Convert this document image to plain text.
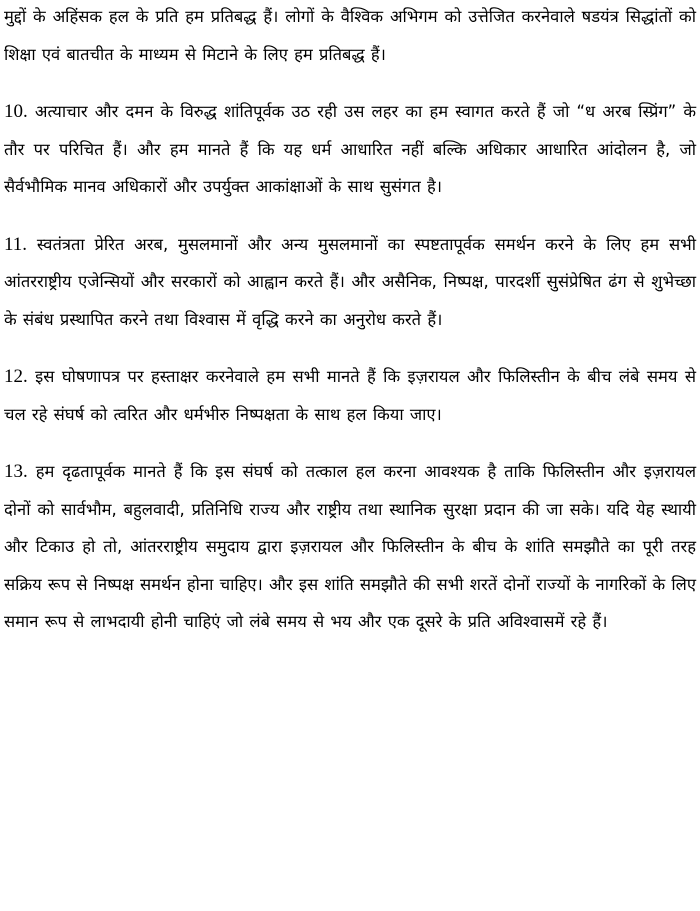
मुद्दों के अहिंसक हल के प्रति हम प्रतिबद्ध हैं। लोगों के वैश्विक अभिगम को उत्तेजित करनेवाले षडयंत्र सिद्धांतों को शिक्षा एवं बातचीत के माध्यम से मिटाने के लिए हम प्रतिबद्ध हैं।

10. अत्याचार और दमन के विरुद्ध शांतिपूर्वक उठ रही उस लहर का हम स्वागत करते हैं जो “ध अरब स्प्रिंग” के तौर पर परिचित हैं। और हम मानते हैं कि यह धर्म आधारित नहीं बल्कि अधिकार आधारित आंदोलन है, जो सैर्वभौमिक मानव अधिकारों और उपर्युक्त आकांक्षाओं के साथ सुसंगत है।

11. स्वतंत्रता प्रेरित अरब, मुसलमानों और अन्य मुसलमानों का स्पष्टतापूर्वक समर्थन करने के लिए हम सभी आंतरराष्ट्रीय एजेन्सियों और सरकारों को आह्वान करते हैं। और असैनिक, निष्पक्ष, पारदर्शी सुसंप्रेषित ढंग से शुभेच्छा के संबंध प्रस्थापित करने तथा विश्वास में वृद्धि करने का अनुरोध करते हैं।

12. इस घोषणापत्र पर हस्ताक्षर करनेवाले हम सभी मानते हैं कि इज़रायल और फिलिस्तीन के बीच लंबे समय से चल रहे संघर्ष को त्वरित और धर्मभीरु निष्पक्षता के साथ हल किया जाए।

13. हम दृढतापूर्वक मानते हैं कि इस संघर्ष को तत्काल हल करना आवश्यक है ताकि फिलिस्तीन और इज़रायल दोनों को सार्वभौम, बहुलवादी, प्रतिनिधि राज्य और राष्ट्रीय तथा स्थानिक सुरक्षा प्रदान की जा सके। यदि येह स्थायी और टिकाउ हो तो, आंतरराष्ट्रीय समुदाय द्वारा इज़रायल और फिलिस्तीन के बीच के शांति समझौते का पूरी तरह सक्रिय रूप से निष्पक्ष समर्थन होना चाहिए। और इस शांति समझौते की सभी शरतें दोनों राज्यों के नागरिकों के लिए समान रूप से लाभदायी होनी चाहिएं जो लंबे समय से भय और एक दूसरे के प्रति अविश्वासमें रहे हैं।
